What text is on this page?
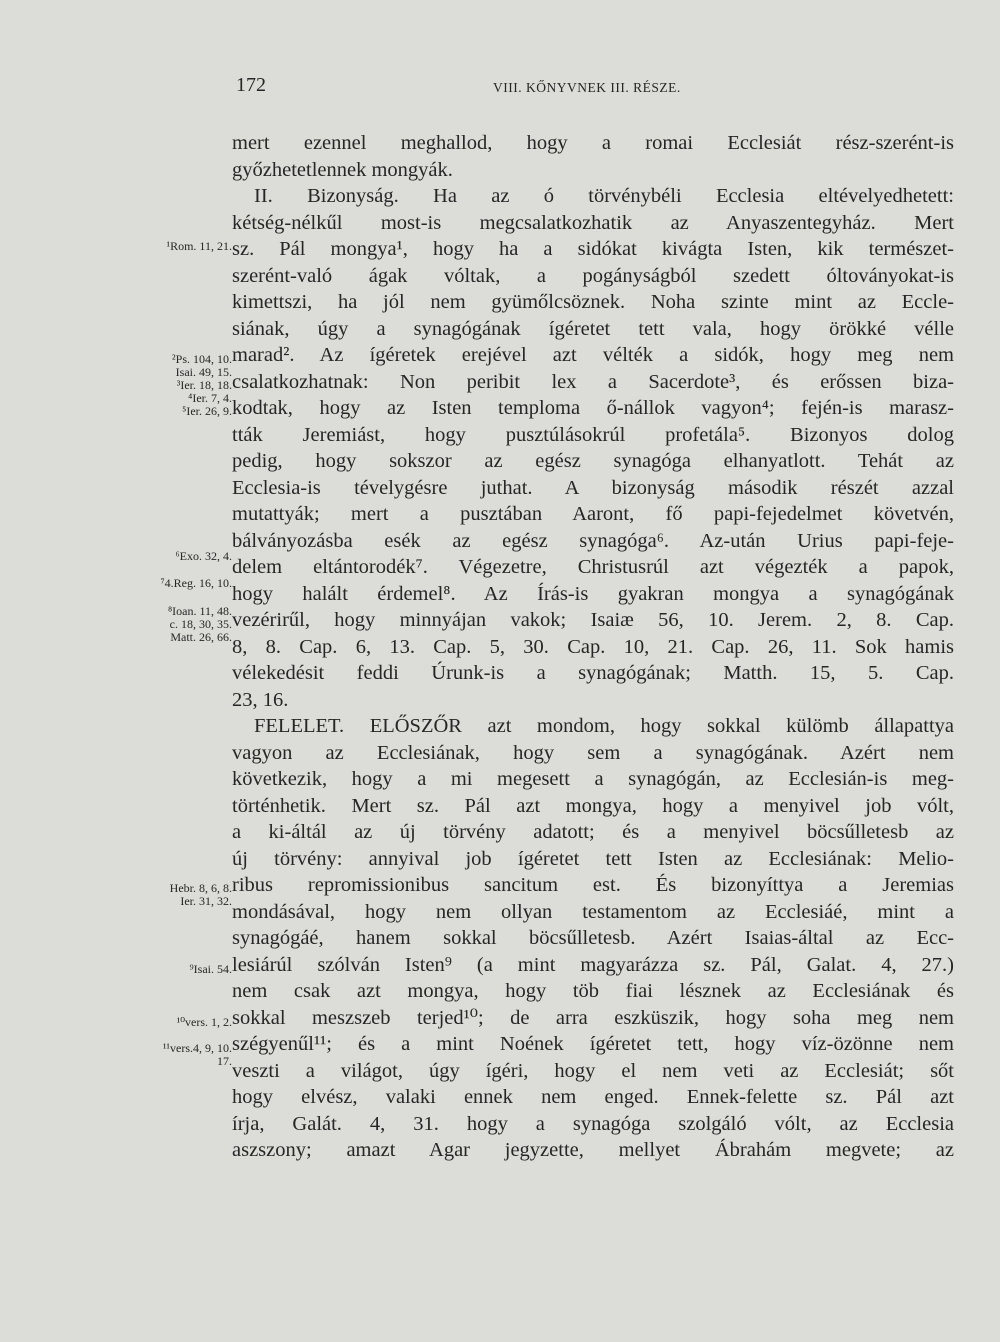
172	VIII. KŐNYVNEK III. RÉSZE.
mert ezennel meghallod, hogy a romai Ecclesiát rész-szerént-is
győzhetetlennek mongyák.
II. Bizonyság. Ha az ó törvénybéli Ecclesia eltévelyedhetett:
kétség-nélkűl most-is megcsalatkozhatik az Anyaszentegyház. Mert
sz. Pál mongya¹, hogy ha a sidókat kivágta Isten, kik természet-
szerént-való ágak vóltak, a pogányságból szedett óltoványokat-is
kimettszi, ha jól nem gyümőlcsöznek. Noha szinte mint az Eccle-
siának, úgy a synagógának ígéretet tett vala, hogy örökké vélle
marad². Az ígéretek erejével azt vélték a sidók, hogy meg nem
csalatkozhatnak: Non peribit lex a Sacerdote³, és erőssen biza-
kodtak, hogy az Isten temploma ő-nállok vagyon⁴; fején-is marasz-
tták Jeremiást, hogy pusztúlásokrúl profetála⁵. Bizonyos dolog
pedig, hogy sokszor az egész synagóga elhanyatlott. Tehát az
Ecclesia-is tévelygésre juthat. A bizonyság második részét azzal
mutattyák; mert a pusztában Aaront, fő papi-fejedelmet követvén,
bálványozásba esék az egész synagóga⁶. Az-után Urius papi-feje-
delem eltántorodék⁷. Végezetre, Christusrúl azt végezték a papok,
hogy halált érdemel⁸. Az Írás-is gyakran mongya a synagógának
vezérirűl, hogy minnyájan vakok; Isaiæ 56, 10. Jerem. 2, 8. Cap.
8, 8. Cap. 6, 13. Cap. 5, 30. Cap. 10, 21. Cap. 26, 11. Sok hamis
vélekedésit feddi Úrunk-is a synagógának; Matth. 15, 5. Cap.
23, 16.
FELELET. ELŐSZŐR azt mondom, hogy sokkal külömb állapattya
vagyon az Ecclesiának, hogy sem a synagógának. Azért nem
következik, hogy a mi megesett a synagógán, az Ecclesián-is meg-
történhetik. Mert sz. Pál azt mongya, hogy a menyivel job vólt,
a ki-áltál az új törvény adatott; és a menyivel böcsűlletesb az
új törvény: annyival job ígéretet tett Isten az Ecclesiának: Melio-
ribus repromissionibus sancitum est. És bizonyíttya a Jeremias
mondásával, hogy nem ollyan testamentom az Ecclesiáé, mint a
synagógáé, hanem sokkal böcsűlletesb. Azért Isaias-által az Ecc-
lesiárúl szólván Isten⁹ (a mint magyarázza sz. Pál, Galat. 4, 27.)
nem csak azt mongya, hogy töb fiai lésznek az Ecclesiának és
sokkal meszszeb terjed¹⁰; de arra eszküszik, hogy soha meg nem
szégyenűl¹¹; és a mint Noének ígéretet tett, hogy víz-özönne nem
veszti a világot, úgy ígéri, hogy el nem veti az Ecclesiát; sőt
hogy elvész, valaki ennek nem enged. Ennek-felette sz. Pál azt
írja, Galát. 4, 31. hogy a synagóga szolgáló vólt, az Ecclesia
aszszony; amazt Agar jegyzette, mellyet Ábrahám megvete; az
¹Rom. 11, 21.
²Ps. 104, 10.
Isai. 49, 15.
³Ier. 18, 18.
⁴Ier. 7, 4.
⁵Ier. 26, 9.
⁶Exo. 32, 4.
⁷4.Reg. 16, 10.
⁸Ioan. 11, 48.
c. 18, 30, 35.
Matt. 26, 66.
Hebr. 8, 6, 8.
Ier. 31, 32.
⁹Isai. 54.
¹⁰vers. 1, 2.
¹¹vers.4, 9, 10.
17.
